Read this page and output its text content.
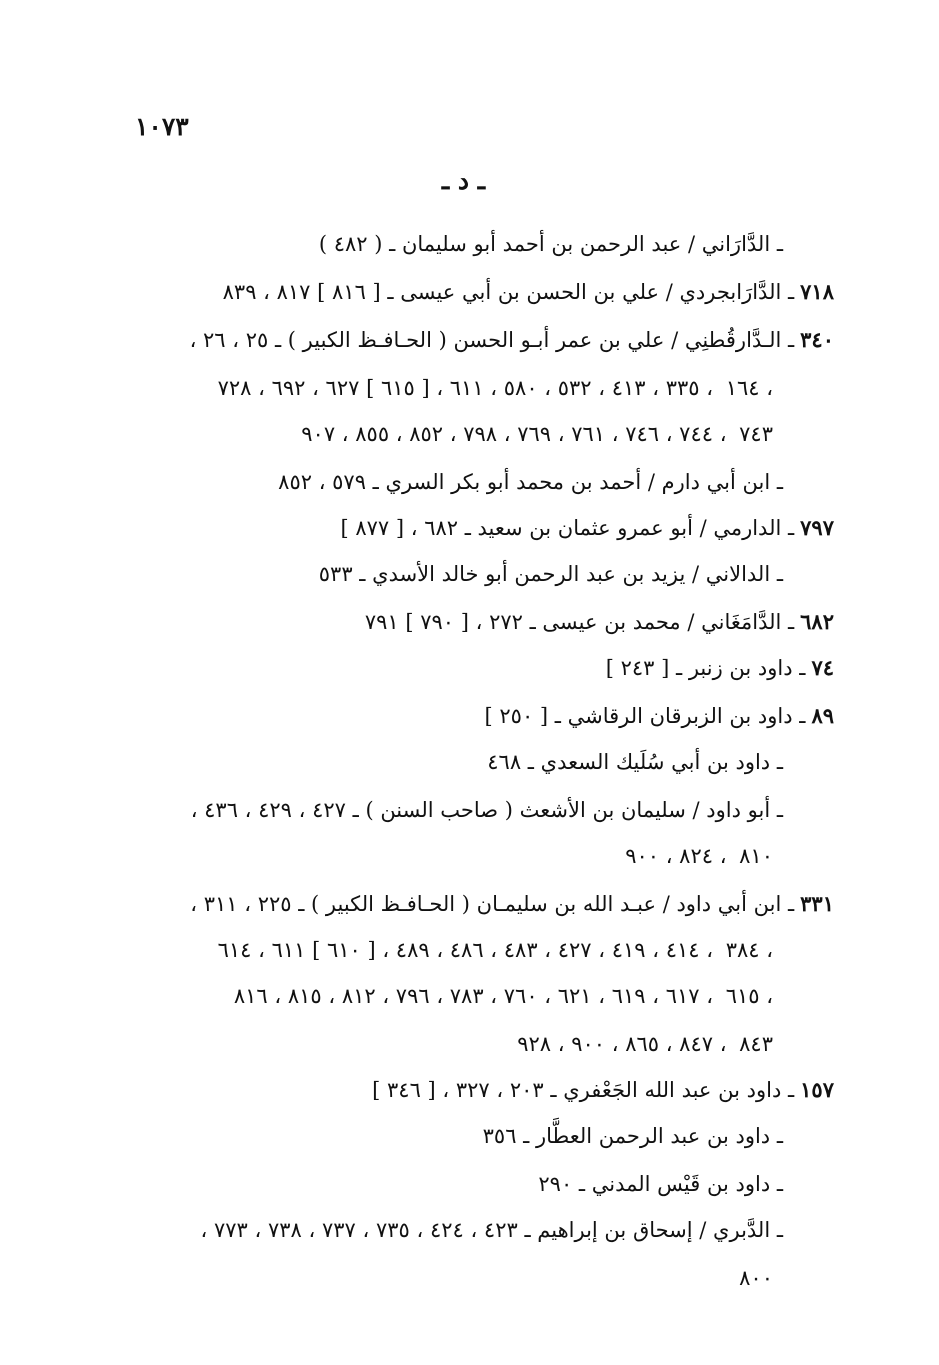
١٠٧٣
ـ د ـ
ـ الدَّارَاني / عبد الرحمن بن أحمد أبو سليمان ـ ( ٤٨٢ )
٧١٨ـ الدَّارَابجردي / علي بن الحسن بن أبي عيسى ـ [ ٨١٦ ] ٨١٧ ، ٨٣٩
٣٤٠ـ الـدَّارقُطنِي / علي بن عمر أبـو الحسن ( الحـافـظ الكبير ) ـ ٢٥ ، ٢٦ ،
١٦٤ ، ٣٣٥ ، ٤١٣ ، ٥٣٢ ، ٥٨٠ ، ٦١١ ، [ ٦١٥ ] ٦٢٧ ، ٦٩٢ ، ٧٢٨ ،
٧٤٣ ، ٧٤٤ ، ٧٤٦ ، ٧٦١ ، ٧٦٩ ، ٧٩٨ ، ٨٥٢ ، ٨٥٥ ، ٩٠٧
ـ ابن أبي دارم / أحمد بن محمد أبو بكر السري ـ ٥٧٩ ، ٨٥٢
٧٩٧ـ الدارمي / أبو عمرو عثمان بن سعيد ـ ٦٨٢ ، [ ٨٧٧ ]
ـ الدالاني / يزيد بن عبد الرحمن أبو خالد الأسدي ـ ٥٣٣
٦٨٢ـ الدَّامَغَاني / محمد بن عيسى ـ ٢٧٢ ، [ ٧٩٠ ] ٧٩١
٧٤ـ داود بن زنبر ـ [ ٢٤٣ ]
٨٩ـ داود بن الزبرقان الرقاشي ـ [ ٢٥٠ ]
ـ داود بن أبي سُلَيك السعدي ـ ٤٦٨
ـ أبو داود / سليمان بن الأشعث ( صاحب السنن ) ـ ٤٢٧ ، ٤٢٩ ، ٤٣٦ ،
٨١٠ ، ٨٢٤ ، ٩٠٠
٣٣١ـ ابن أبي داود / عبـد الله بن سليمـان ( الحـافـظ الكبير ) ـ ٢٢٥ ، ٣١١ ،
٣٨٤ ، ٤١٤ ، ٤١٩ ، ٤٢٧ ، ٤٨٣ ، ٤٨٦ ، ٤٨٩ ، [ ٦١٠ ] ٦١١ ، ٦١٤ ،
٦١٥ ، ٦١٧ ، ٦١٩ ، ٦٢١ ، ٧٦٠ ، ٧٨٣ ، ٧٩٦ ، ٨١٢ ، ٨١٥ ، ٨١٦ ،
٨٤٣ ، ٨٤٧ ، ٨٦٥ ، ٩٠٠ ، ٩٢٨
١٥٧ـ داود بن عبد الله الجَعْفري ـ ٢٠٣ ، ٣٢٧ ، [ ٣٤٦ ]
ـ داود بن عبد الرحمن العطَّار ـ ٣٥٦
ـ داود بن قَيْس المدني ـ ٢٩٠
ـ الدَّبري / إسحاق بن إبراهيم ـ ٤٢٣ ، ٤٢٤ ، ٧٣٥ ، ٧٣٧ ، ٧٣٨ ، ٧٧٣ ،
٨٠٠
